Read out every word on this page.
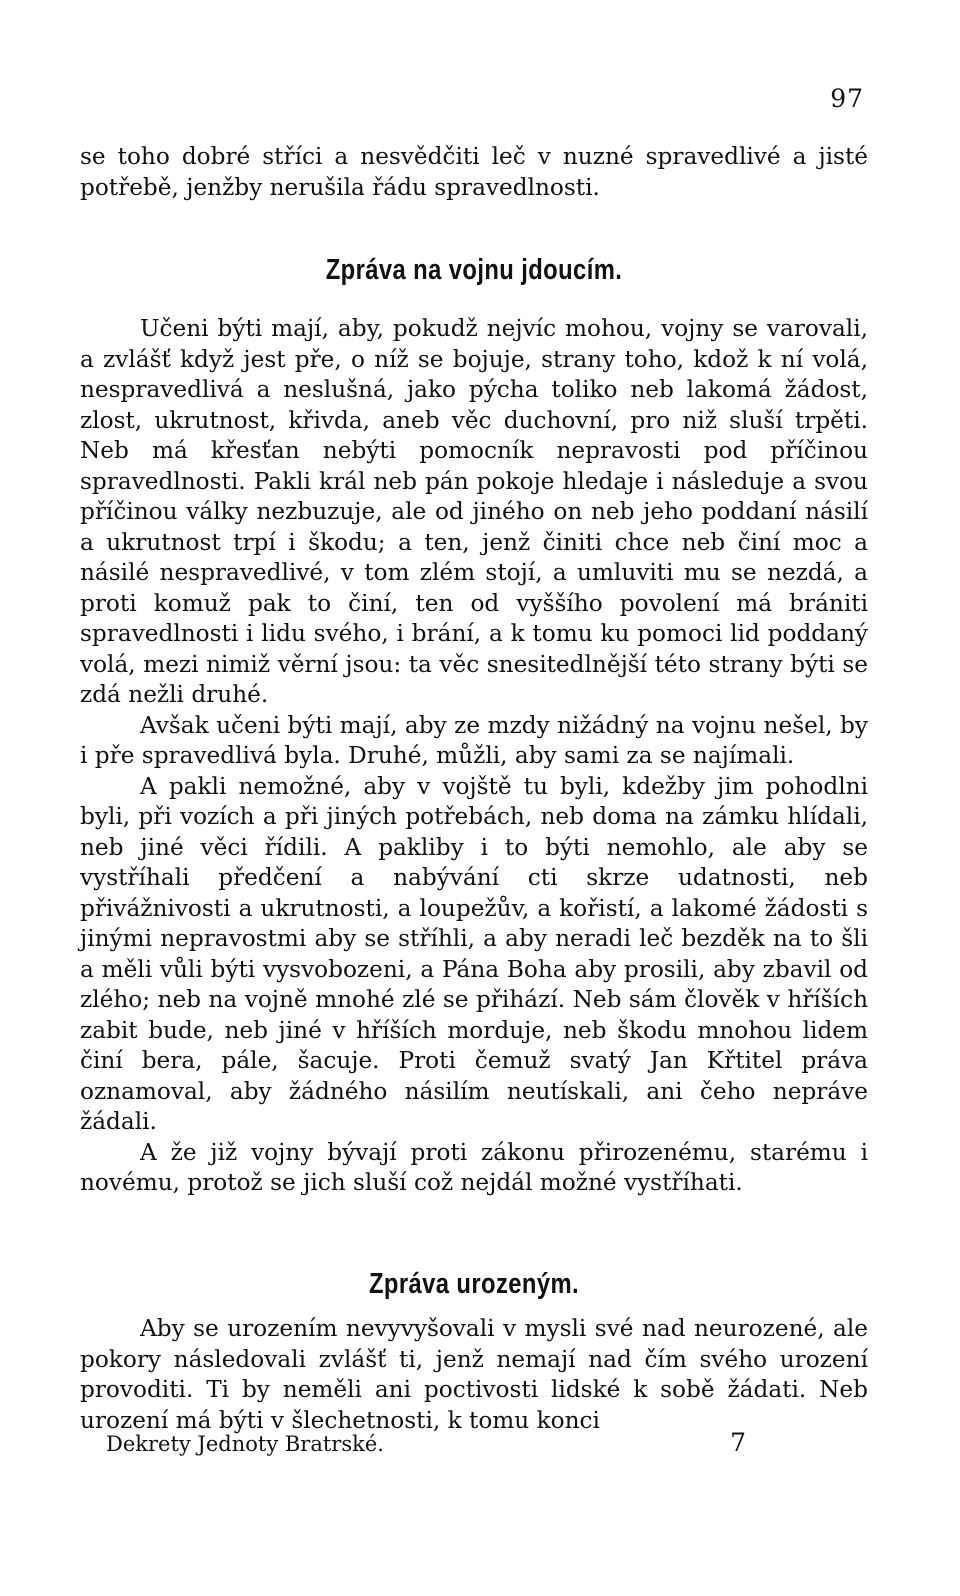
97

se toho dobré stříci a nesvědčiti leč v nuzné spravedlivé a jisté potřebě, jenžby nerušila řádu spravedlnosti.

Zpráva na vojnu jdoucím.

Učeni býti mají, aby, pokudž nejvíc mohou, vojny se varovali, a zvlášť když jest pře, o níž se bojuje, strany toho, kdož k ní volá, nespravedlivá a neslušná, jako pýcha toliko neb lakomá žádost, zlost, ukrutnost, křivda, aneb věc duchovní, pro niž sluší trpěti. Neb má křesťan nebýti pomocník nepravosti pod příčinou spravedlnosti. Pakli král neb pán pokoje hledaje i následuje a svou příčinou války nezbuzuje, ale od jiného on neb jeho poddaní násilí a ukrutnost trpí i škodu; a ten, jenž činiti chce neb činí moc a násilé nespravedlivé, v tom zlém stojí, a umluviti mu se nezdá, a proti komuž pak to činí, ten od vyššího povolení má brániti spravedlnosti i lidu svého, i brání, a k tomu ku pomoci lid poddaný volá, mezi nimiž věrní jsou: ta věc snesitedlnější této strany býti se zdá nežli druhé.

Avšak učeni býti mají, aby ze mzdy nižádný na vojnu nešel, by i pře spravedlivá byla. Druhé, můžli, aby sami za se najímali.

A pakli nemožné, aby v vojště tu byli, kdežby jim pohodlni byli, při vozích a při jiných potřebách, neb doma na zámku hlídali, neb jiné věci řídili. A pakliby i to býti nemohlo, ale aby se vystříhali předčení a nabývání cti skrze udatnosti, neb přivážnivosti a ukrutnosti, a loupežův, a kořistí, a lakomé žádosti s jinými nepravostmi aby se stříhli, a aby neradi leč bezděk na to šli a měli vůli býti vysvobozeni, a Pána Boha aby prosili, aby zbavil od zlého; neb na vojně mnohé zlé se přihází. Neb sám člověk v hříších zabit bude, neb jiné v hříších morduje, neb škodu mnohou lidem činí bera, pále, šacuje. Proti čemuž svatý Jan Křtitel práva oznamoval, aby žádného násilím neutískali, ani čeho nepráve žádali.

A že již vojny bývají proti zákonu přirozenému, starému i novému, protož se jich sluší což nejdál možné vystříhati.

Zpráva urozeným.

Aby se urozením nevyvyšovali v mysli své nad neurozené, ale pokory následovali zvlášť ti, jenž nemají nad čím svého urození provoditi. Ti by neměli ani poctivosti lidské k sobě žádati. Neb urození má býti v šlechetnosti, k tomu konci

Dekrety Jednoty Bratrské.	7
